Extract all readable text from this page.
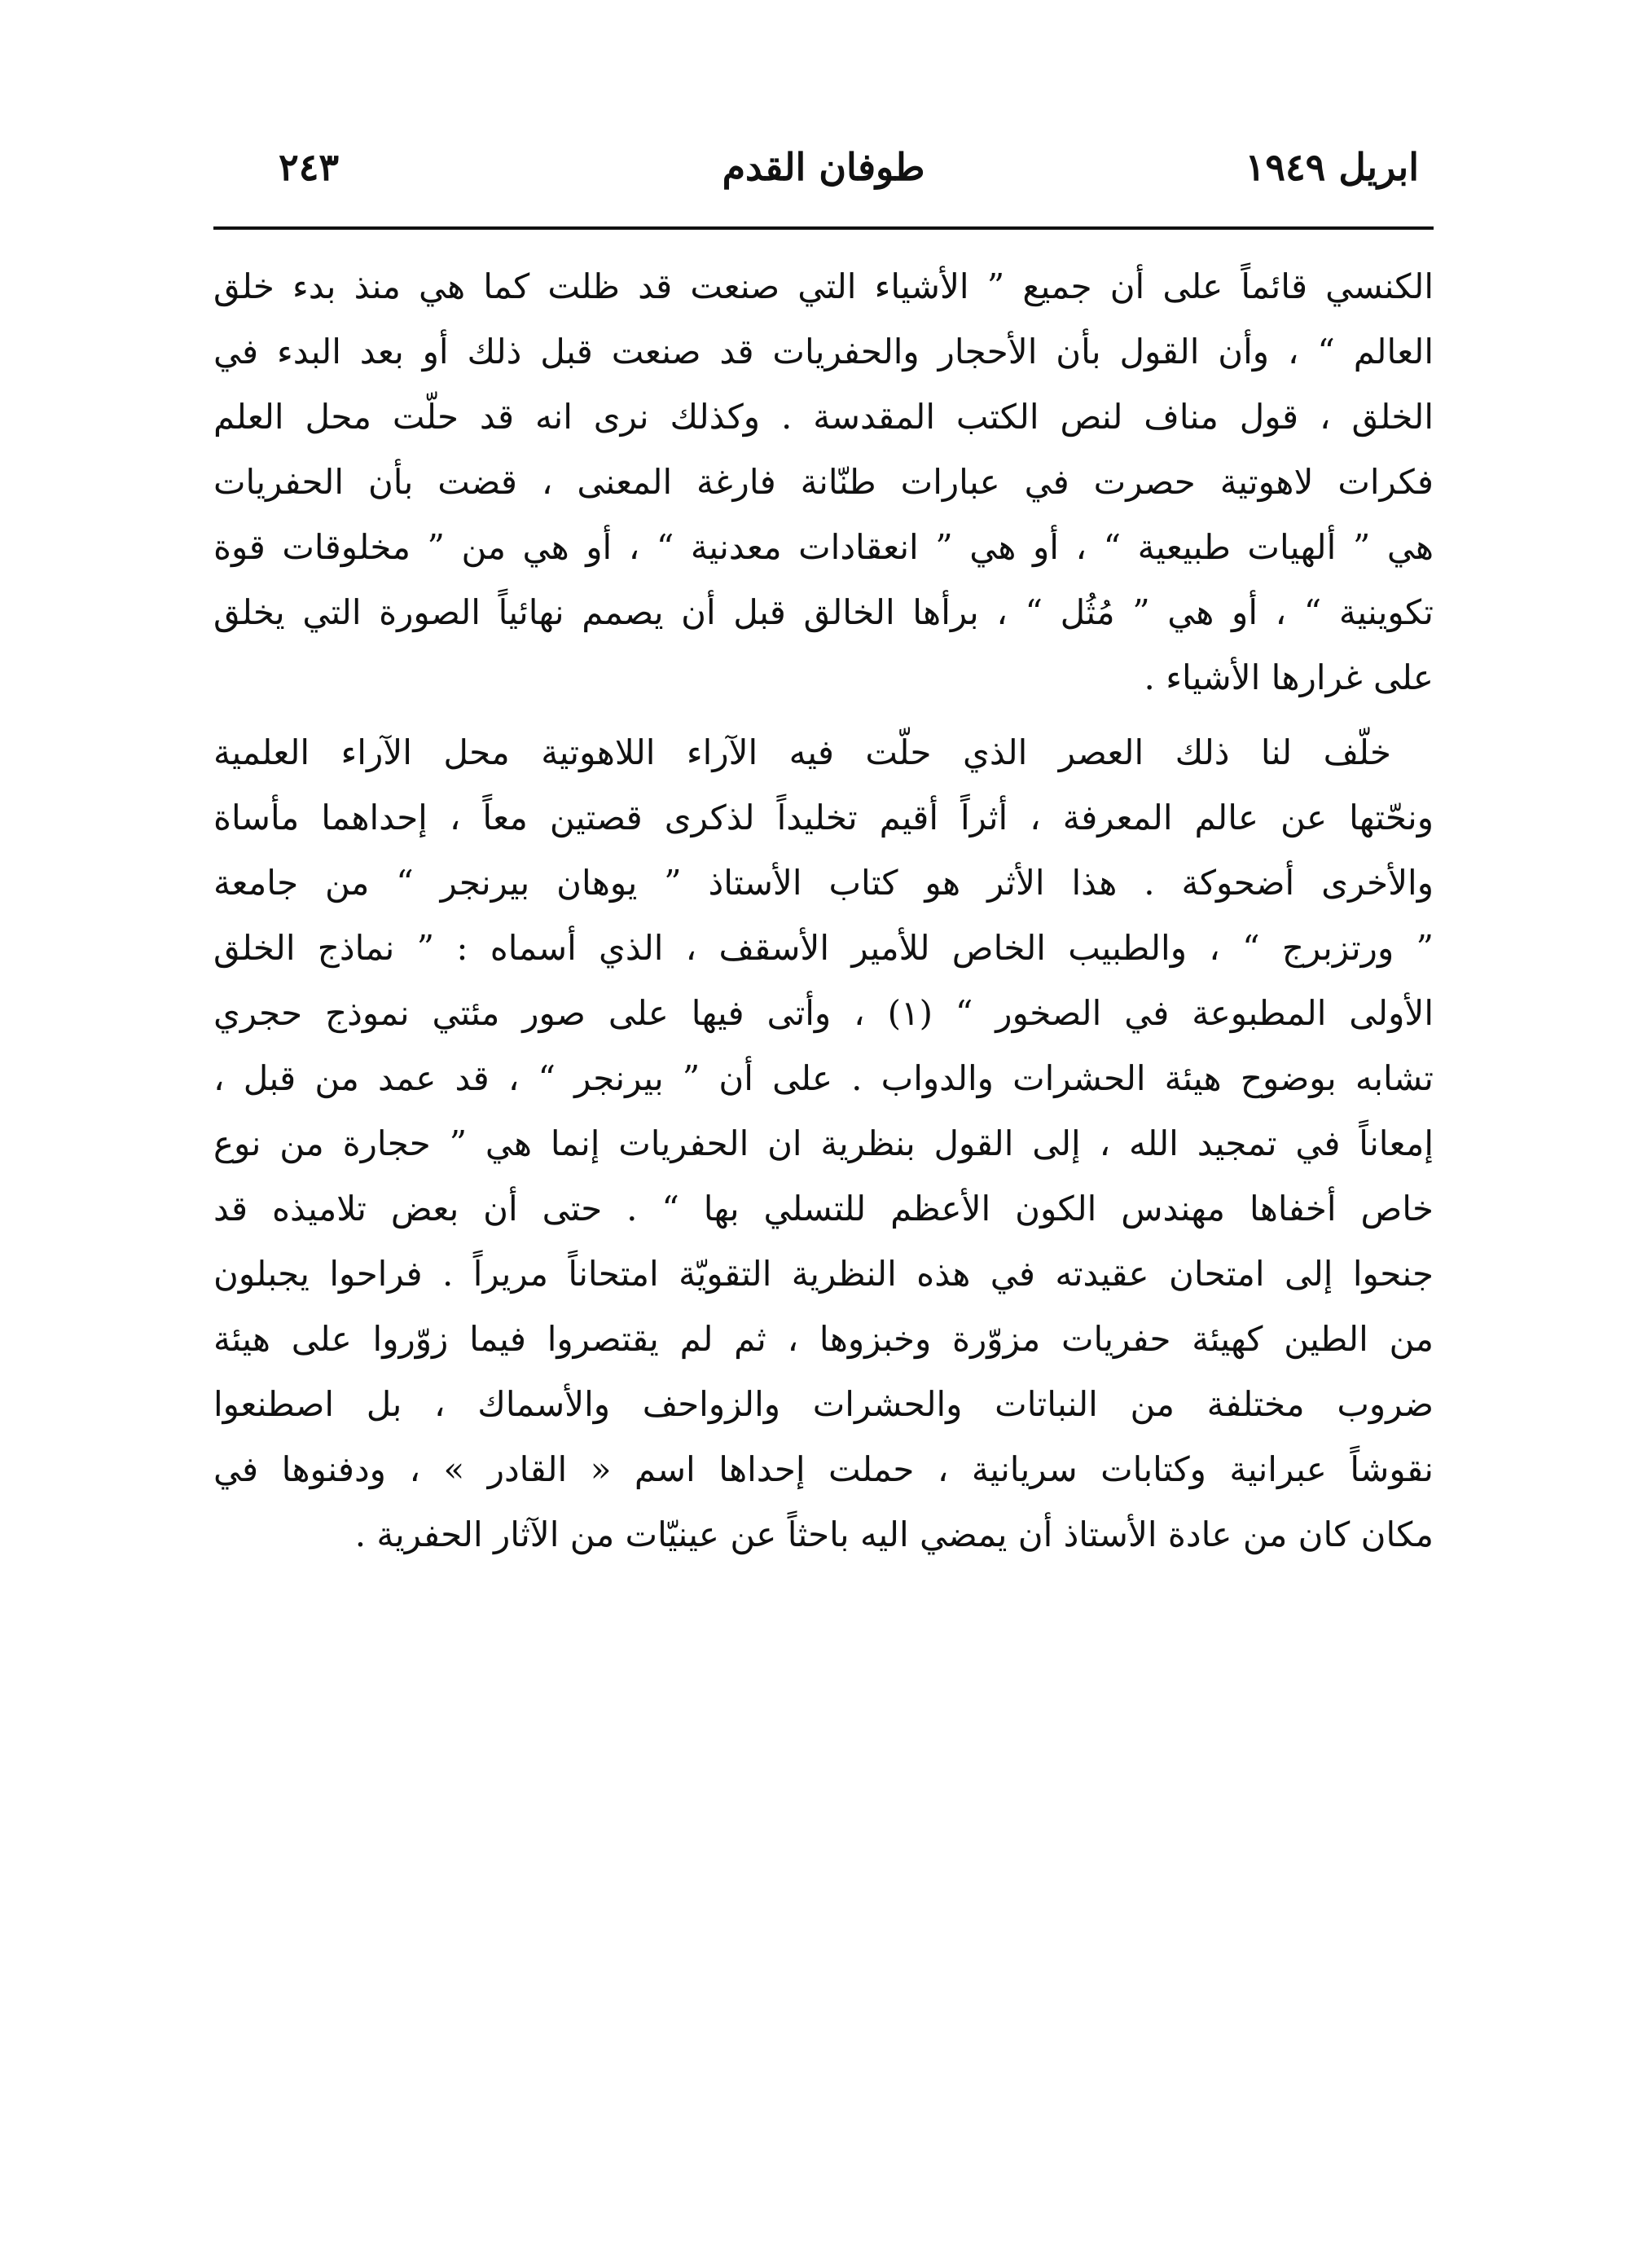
٢٤٣	طوفان القدم	ابريل ١٩٤٩
الكنسي قائماً على أن جميع ” الأشياء التي صنعت قد ظلت كما هي منذ بدء خلق
العالم “ ، وأن القول بأن الأحجار والحفريات قد صنعت قبل ذلك أو بعد البدء في
الخلق ، قول مناف لنص الكتب المقدسة . وكذلك نرى انه قد حلّت محل العلم
فكرات لاهوتية حصرت في عبارات طنّانة فارغة المعنى ، قضت بأن الحفريات
هي ” ألهيات طبيعية “ ، أو هي ” انعقادات معدنية “ ، أو هي من ” مخلوقات قوة
تكوينية “ ، أو هي ” مُثُل “ ، برأها الخالق قبل أن يصمم نهائياً الصورة التي يخلق
على غرارها الأشياء .
خلّف لنا ذلك العصر الذي حلّت فيه الآراء اللاهوتية محل الآراء العلمية
ونحّتها عن عالم المعرفة ، أثراً أقيم تخليداً لذكرى قصتين معاً ، إحداهما مأساة
والأخرى أضحوكة . هذا الأثر هو كتاب الأستاذ ” يوهان بيرنجر “ من جامعة
” ورتزبرج “ ، والطبيب الخاص للأمير الأسقف ، الذي أسماه : ” نماذج الخلق
الأولى المطبوعة في الصخور “ (١) ، وأتى فيها على صور مئتي نموذج حجري
تشابه بوضوح هيئة الحشرات والدواب . على أن ” بيرنجر “ ، قد عمد من قبل ،
إمعاناً في تمجيد الله ، إلى القول بنظرية ان الحفريات إنما هي ” حجارة من نوع
خاص أخفاها مهندس الكون الأعظم للتسلي بها “ . حتى أن بعض تلاميذه قد
جنحوا إلى امتحان عقيدته في هذه النظرية التقويّة امتحاناً مريراً . فراحوا يجبلون
من الطين كهيئة حفريات مزوّرة وخبزوها ، ثم لم يقتصروا فيما زوّروا على هيئة
ضروب مختلفة من النباتات والحشرات والزواحف والأسماك ، بل اصطنعوا
نقوشاً عبرانية وكتابات سريانية ، حملت إحداها اسم « القادر » ، ودفنوها في
مكان كان من عادة الأستاذ أن يمضي اليه باحثاً عن عينيّات من الآثار الحفرية .
